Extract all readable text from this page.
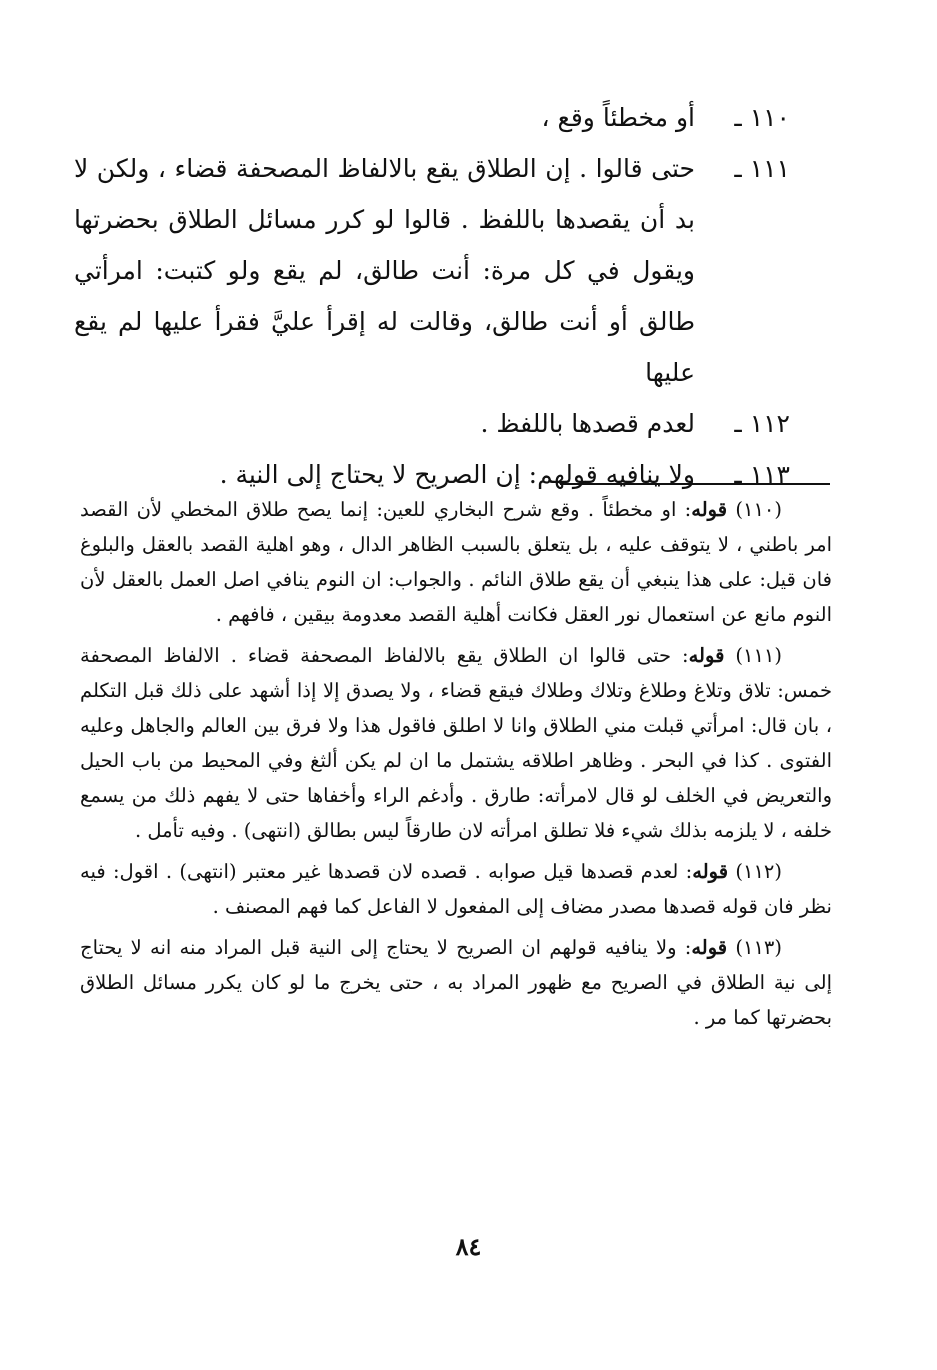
١١٠ ـ
أو مخطئاً وقع ،
١١١ ـ
حتى قالوا . إن الطلاق يقع بالالفاظ المصحفة قضاء ، ولكن لا بد أن يقصدها باللفظ . قالوا لو كرر مسائل الطلاق بحضرتها ويقول في كل مرة: أنت طالق، لم يقع ولو كتبت: امرأتي طالق أو أنت طالق، وقالت له إقرأ عليَّ فقرأ عليها لم يقع عليها
١١٢ ـ
لعدم قصدها باللفظ .
١١٣ ـ
ولا ينافيه قولهم: إن الصريح لا يحتاج إلى النية .

(١١٠) قوله: او مخطئاً . وقع شرح البخاري للعين: إنما يصح طلاق المخطي لأن القصد امر باطني ، لا يتوقف عليه ، بل يتعلق بالسبب الظاهر الدال ، وهو اهلية القصد بالعقل والبلوغ فان قيل: على هذا ينبغي أن يقع طلاق النائم . والجواب: ان النوم ينافي اصل العمل بالعقل لأن النوم مانع عن استعمال نور العقل فكانت أهلية القصد معدومة بيقين ، فافهم .

(١١١) قوله: حتى قالوا ان الطلاق يقع بالالفاظ المصحفة قضاء . الالفاظ المصحفة خمس: تلاق وتلاغ وطلاغ وتلاك وطلاك فيقع قضاء ، ولا يصدق إلا إذا أشهد على ذلك قبل التكلم ، بان قال: امرأتي قبلت مني الطلاق وانا لا اطلق فاقول هذا ولا فرق بين العالم والجاهل وعليه الفتوى . كذا في البحر . وظاهر اطلاقه يشتمل ما ان لم يكن ألثغ وفي المحيط من باب الحيل والتعريض في الخلف لو قال لامرأته: طارق . وأدغم الراء وأخفاها حتى لا يفهم ذلك من يسمع خلفه ، لا يلزمه بذلك شيء فلا تطلق امرأته لان طارقاً ليس بطالق (انتهى) . وفيه تأمل .

(١١٢) قوله: لعدم قصدها قيل صوابه . قصده لان قصدها غير معتبر (انتهى) . اقول: فيه نظر فان قوله قصدها مصدر مضاف إلى المفعول لا الفاعل كما فهم المصنف .

(١١٣) قوله: ولا ينافيه قولهم ان الصريح لا يحتاج إلى النية قبل المراد منه انه لا يحتاج إلى نية الطلاق في الصريح مع ظهور المراد به ، حتى يخرج ما لو كان يكرر مسائل الطلاق بحضرتها كما مر .

٨٤
